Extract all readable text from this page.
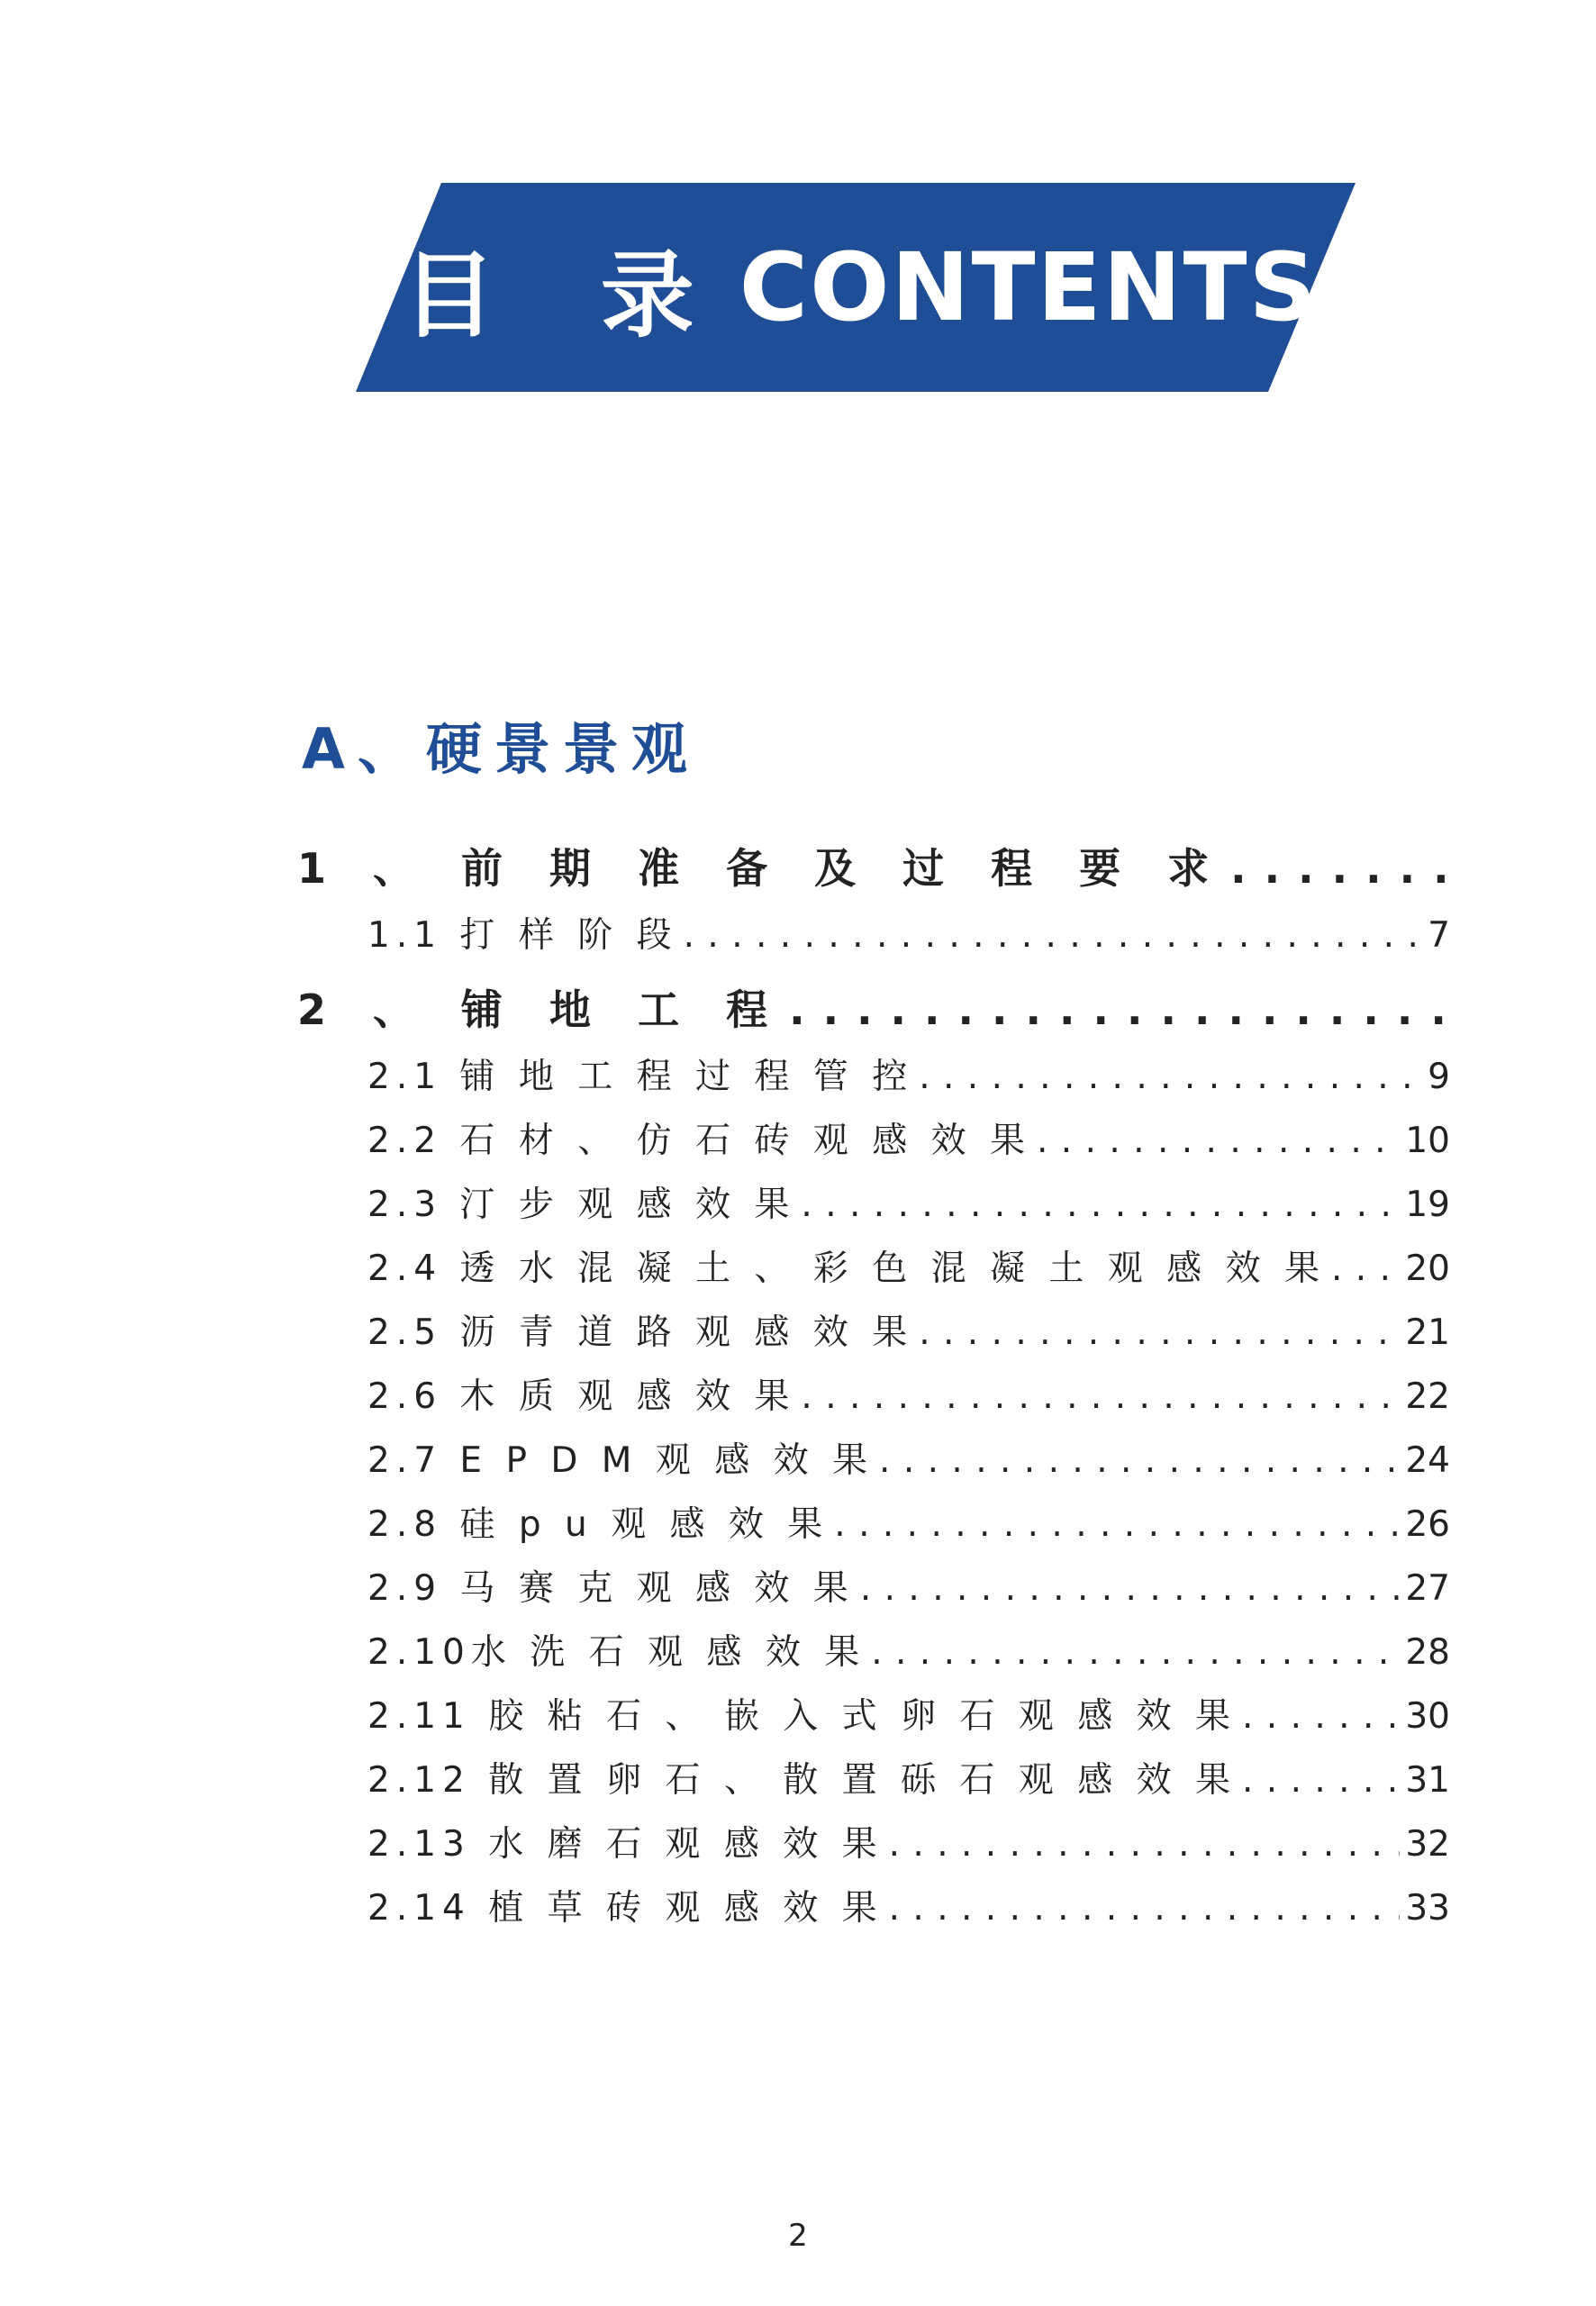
目 录 CONTENTS
A、硬景景观
1 、 前 期 准 备 及 过 程 要 求
. . .
1.1 打 样 阶 段 . . .	7
2 、 铺 地 工 程
. . .
2.1 铺 地 工 程 过 程 管 控 . . .	9
2.2 石 材 、 仿 石 砖 观 感 效 果 . . .	10
2.3 汀 步 观 感 效 果 . . .	19
2.4 透 水 混 凝 土 、 彩 色 混 凝 土 观 感 效 果 . . . 20
2.5 沥 青 道 路 观 感 效 果 . . .	21
2.6 木 质 观 感 效 果 . . .	22
2.7 E P D M 观 感 效 果 . . .	24
2.8 硅 p u 观 感 效 果 . . .	26
2.9 马 赛 克 观 感 效 果 . . .	27
2.10水 洗 石 观 感 效 果 . . .	28
2.11 胶 粘 石 、 嵌 入 式 卵 石 观 感 效 果 . . .	30
2.12 散 置 卵 石 、 散 置 砾 石 观 感 效 果 . . .	31
2.13 水 磨 石 观 感 效 果 . . .	32
2.14 植 草 砖 观 感 效 果 . . .	33
2
